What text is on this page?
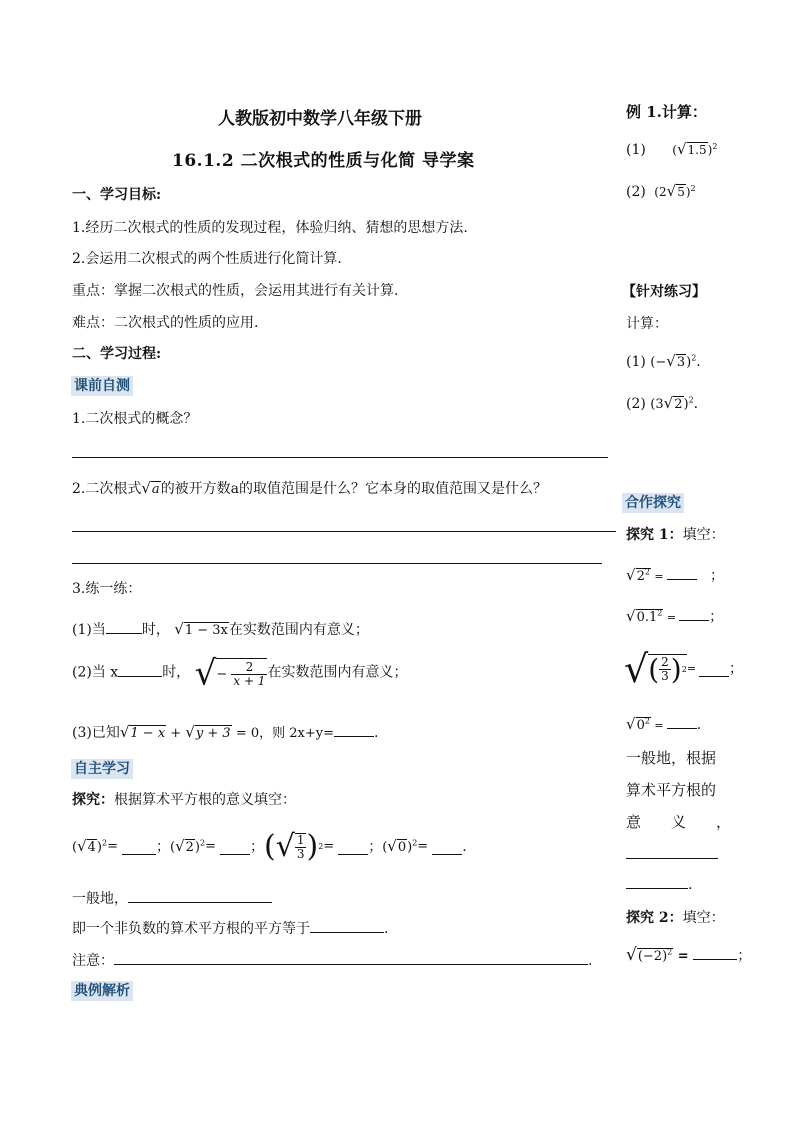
人教版初中数学八年级下册
16.1.2 二次根式的性质与化简 导学案
一、学习目标:
1.经历二次根式的性质的发现过程，体验归纳、猜想的思想方法.
2.会运用二次根式的两个性质进行化简计算.
重点：掌握二次根式的性质，会运用其进行有关计算.
难点：二次根式的性质的应用.
二、学习过程:
课前自测
1.二次根式的概念？
2.二次根式√a的被开方数a的取值范围是什么？它本身的取值范围又是什么？
3.练一练：
(1)当	时， √1 − 3x在实数范围内有意义；
(2)当 x	时， √− $\frac{2}{x + 1}$ 在实数范围内有意义；
(3)已知√1 − x + √y + 3 = 0，则 2x+y=	.
自主学习
探究：根据算术平方根的意义填空：
$(√4)^2$ =	； $(√2)^2$ = ； ( √ $\frac{1}{3}$ ) 2 = ； $(√0)^2$ = .
一般地，
即一个非负数的算术平方根的平方等于	.
注意：	.
典例解析
例 1.计算：
(1) $(√1.5)^2$
(2) $(2√5)^2$
【针对练习】
计算：
(1) $(-√3)^2$.
(2) $(3√2)^2$.
合作探究
探究 1：填空：
$√2^2$ =	；
$√0.1^2$ = ；
√ ( $\frac{2}{3}$ ) 2 = ；
$√0^2$ = .
一般地，根据
算术平方根的
意　　义　　，
.
探究 2：填空：
$√(-2)^2$ =	；
